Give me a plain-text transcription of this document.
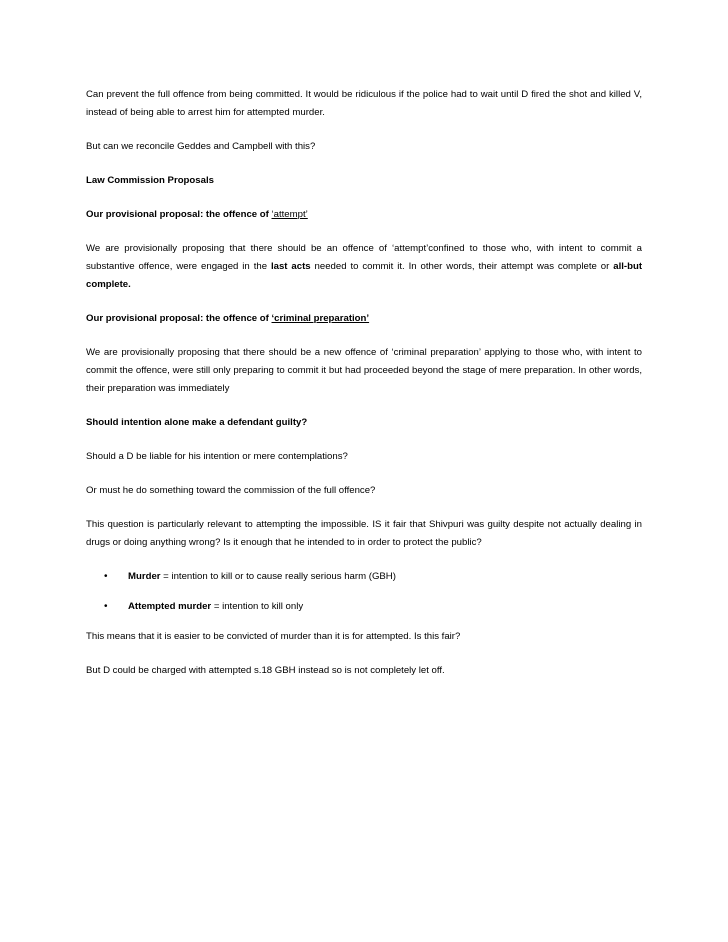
Can prevent the full offence from being committed. It would be ridiculous if the police had to wait until D fired the shot and killed V, instead of being able to arrest him for attempted murder.

But can we reconcile Geddes and Campbell with this?

Law Commission Proposals

Our provisional proposal: the offence of ‘attempt’

We are provisionally proposing that there should be an offence of ‘attempt’confined to those who, with intent to commit a substantive offence, were engaged in the last acts needed to commit it. In other words, their attempt was complete or all-but complete.

Our provisional proposal: the offence of ‘criminal preparation’

We are provisionally proposing that there should be a new offence of ‘criminal preparation’ applying to those who, with intent to commit the offence, were still only preparing to commit it but had proceeded beyond the stage of mere preparation. In other words, their preparation was immediately

Should intention alone make a defendant guilty?

Should a D be liable for his intention or mere contemplations?

Or must he do something toward the commission of the full offence?

This question is particularly relevant to attempting the impossible. IS it fair that Shivpuri was guilty despite not actually dealing in drugs or doing anything wrong? Is it enough that he intended to in order to protect the public?

• Murder = intention to kill or to cause really serious harm (GBH)
• Attempted murder = intention to kill only

This means that it is easier to be convicted of murder than it is for attempted. Is this fair?

But D could be charged with attempted s.18 GBH instead so is not completely let off.
